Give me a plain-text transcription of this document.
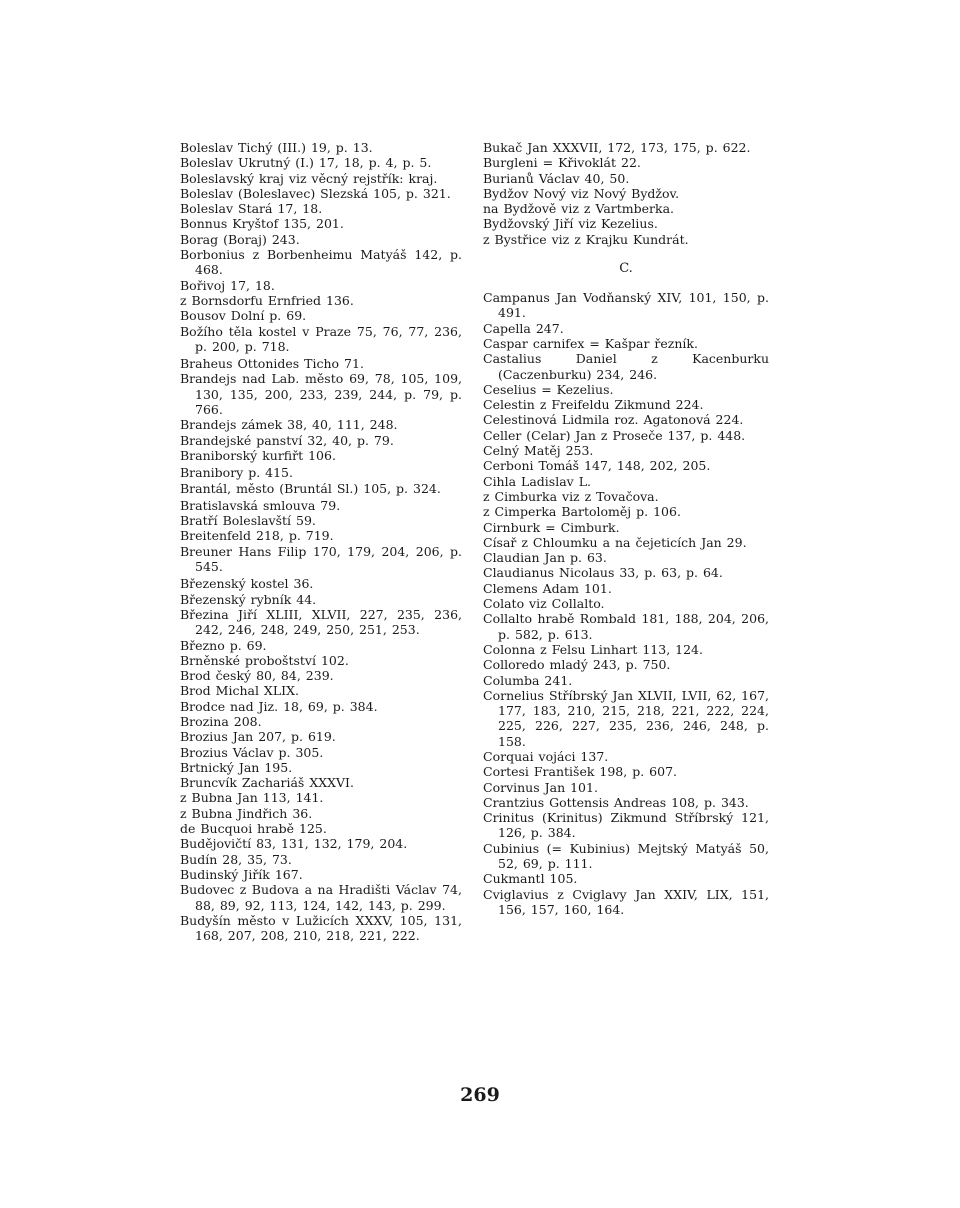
Boleslav Tichý (III.) 19, p. 13.
Boleslav Ukrutný (I.) 17, 18, p. 4, p. 5.
Boleslavský kraj viz věcný rejstřík: kraj.
Boleslav (Boleslavec) Slezská 105, p. 321.
Boleslav Stará 17, 18.
Bonnus Kryštof 135, 201.
Borag (Boraj) 243.
Borbonius z Borbenheimu Matyáš 142, p. 468.
Bořivoj 17, 18.
z Bornsdorfu Ernfried 136.
Bousov Dolní p. 69.
Božího těla kostel v Praze 75, 76, 77, 236, p. 200, p. 718.
Braheus Ottonides Ticho 71.
Brandejs nad Lab. město 69, 78, 105, 109, 130, 135, 200, 233, 239, 244, p. 79, p. 766.
Brandejs zámek 38, 40, 111, 248.
Brandejské panství 32, 40, p. 79.
Braniborský kurfiřt 106.
Branibory p. 415.
Brantál, město (Bruntál Sl.) 105, p. 324.
Bratislavská smlouva 79.
Bratří Boleslavští 59.
Breitenfeld 218, p. 719.
Breuner Hans Filip 170, 179, 204, 206, p. 545.
Březenský kostel 36.
Březenský rybník 44.
Březina Jiří XLIII, XLVII, 227, 235, 236, 242, 246, 248, 249, 250, 251, 253.
Březno p. 69.
Brněnské proboštství 102.
Brod český 80, 84, 239.
Brod Michal XLIX.
Brodce nad Jiz. 18, 69, p. 384.
Brozina 208.
Brozius Jan 207, p. 619.
Brozius Václav p. 305.
Brtnický Jan 195.
Bruncvík Zachariáš XXXVI.
z Bubna Jan 113, 141.
z Bubna Jindřich 36.
de Bucquoi hrabě 125.
Budějovičtí 83, 131, 132, 179, 204.
Budín 28, 35, 73.
Budinský Jiřík 167.
Budovec z Budova a na Hradišti Václav 74, 88, 89, 92, 113, 124, 142, 143, p. 299.
Budyšín město v Lužicích XXXV, 105, 131, 168, 207, 208, 210, 218, 221, 222.
Bukač Jan XXXVII, 172, 173, 175, p. 622.
Burgleni = Křivoklát 22.
Burianů Václav 40, 50.
Bydžov Nový viz Nový Bydžov.
na Bydžově viz z Vartmberka.
Bydžovský Jiří viz Kezelius.
z Bystřice viz z Krajku Kundrát.
C.
Campanus Jan Vodňanský XIV, 101, 150, p. 491.
Capella 247.
Caspar carnifex = Kašpar řezník.
Castalius Daniel z Kacenburku (Caczenburku) 234, 246.
Ceselius = Kezelius.
Celestin z Freifeldu Zikmund 224.
Celestinová Lidmila roz. Agatonová 224.
Celler (Celar) Jan z Proseče 137, p. 448.
Celný Matěj 253.
Cerboni Tomáš 147, 148, 202, 205.
Cihla Ladislav L.
z Cimburka viz z Tovačova.
z Cimperka Bartoloměj p. 106.
Cirnburk = Cimburk.
Císař z Chloumku a na čejeticích Jan 29.
Claudian Jan p. 63.
Claudianus Nicolaus 33, p. 63, p. 64.
Clemens Adam 101.
Colato viz Collalto.
Collalto hrabě Rombald 181, 188, 204, 206, p. 582, p. 613.
Colonna z Felsu Linhart 113, 124.
Colloredo mladý 243, p. 750.
Columba 241.
Cornelius Stříbrský Jan XLVII, LVII, 62, 167, 177, 183, 210, 215, 218, 221, 222, 224, 225, 226, 227, 235, 236, 246, 248, p. 158.
Corquai vojáci 137.
Cortesi František 198, p. 607.
Corvinus Jan 101.
Crantzius Gottensis Andreas 108, p. 343.
Crinitus (Krinitus) Zikmund Stříbrský 121, 126, p. 384.
Cubinius (= Kubinius) Mejtský Matyáš 50, 52, 69, p. 111.
Cukmantl 105.
Cviglavius z Cviglavy Jan XXIV, LIX, 151, 156, 157, 160, 164.
269
